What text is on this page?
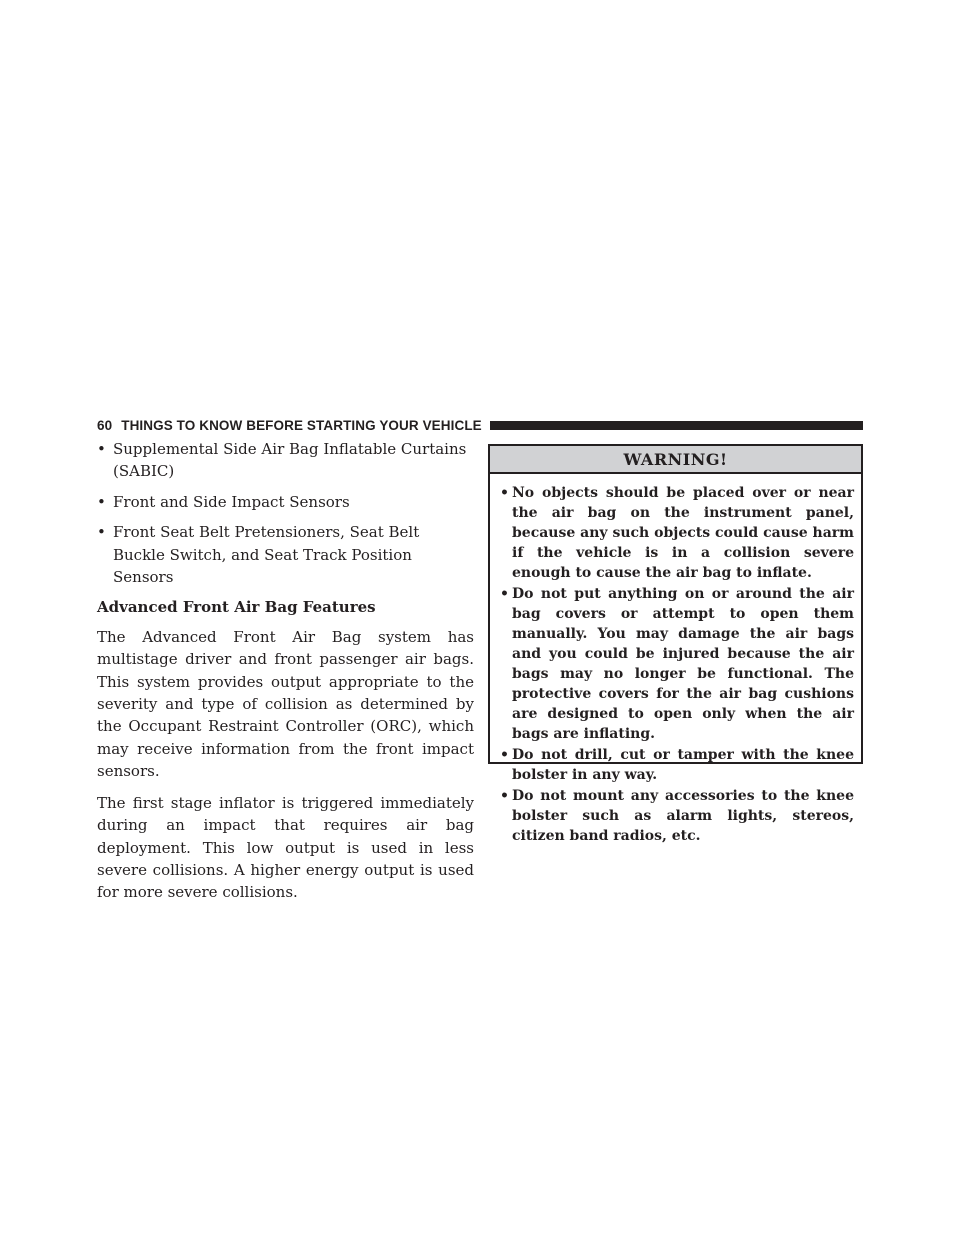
60 THINGS TO KNOW BEFORE STARTING YOUR VEHICLE
• Supplemental Side Air Bag Inflatable Curtains (SABIC)
• Front and Side Impact Sensors
• Front Seat Belt Pretensioners, Seat Belt Buckle Switch, and Seat Track Position Sensors
Advanced Front Air Bag Features

The Advanced Front Air Bag system has multistage driver and front passenger air bags. This system provides output appropriate to the severity and type of collision as determined by the Occupant Restraint Controller (ORC), which may receive information from the front impact sensors.

The first stage inflator is triggered immediately during an impact that requires air bag deployment. This low output is used in less severe collisions. A higher energy output is used for more severe collisions.

WARNING!
• No objects should be placed over or near the air bag on the instrument panel, because any such objects could cause harm if the vehicle is in a collision severe enough to cause the air bag to inflate.
• Do not put anything on or around the air bag covers or attempt to open them manually. You may damage the air bags and you could be injured because the air bags may no longer be functional. The protective covers for the air bag cushions are designed to open only when the air bags are inflating.
• Do not drill, cut or tamper with the knee bolster in any way.
• Do not mount any accessories to the knee bolster such as alarm lights, stereos, citizen band radios, etc.
